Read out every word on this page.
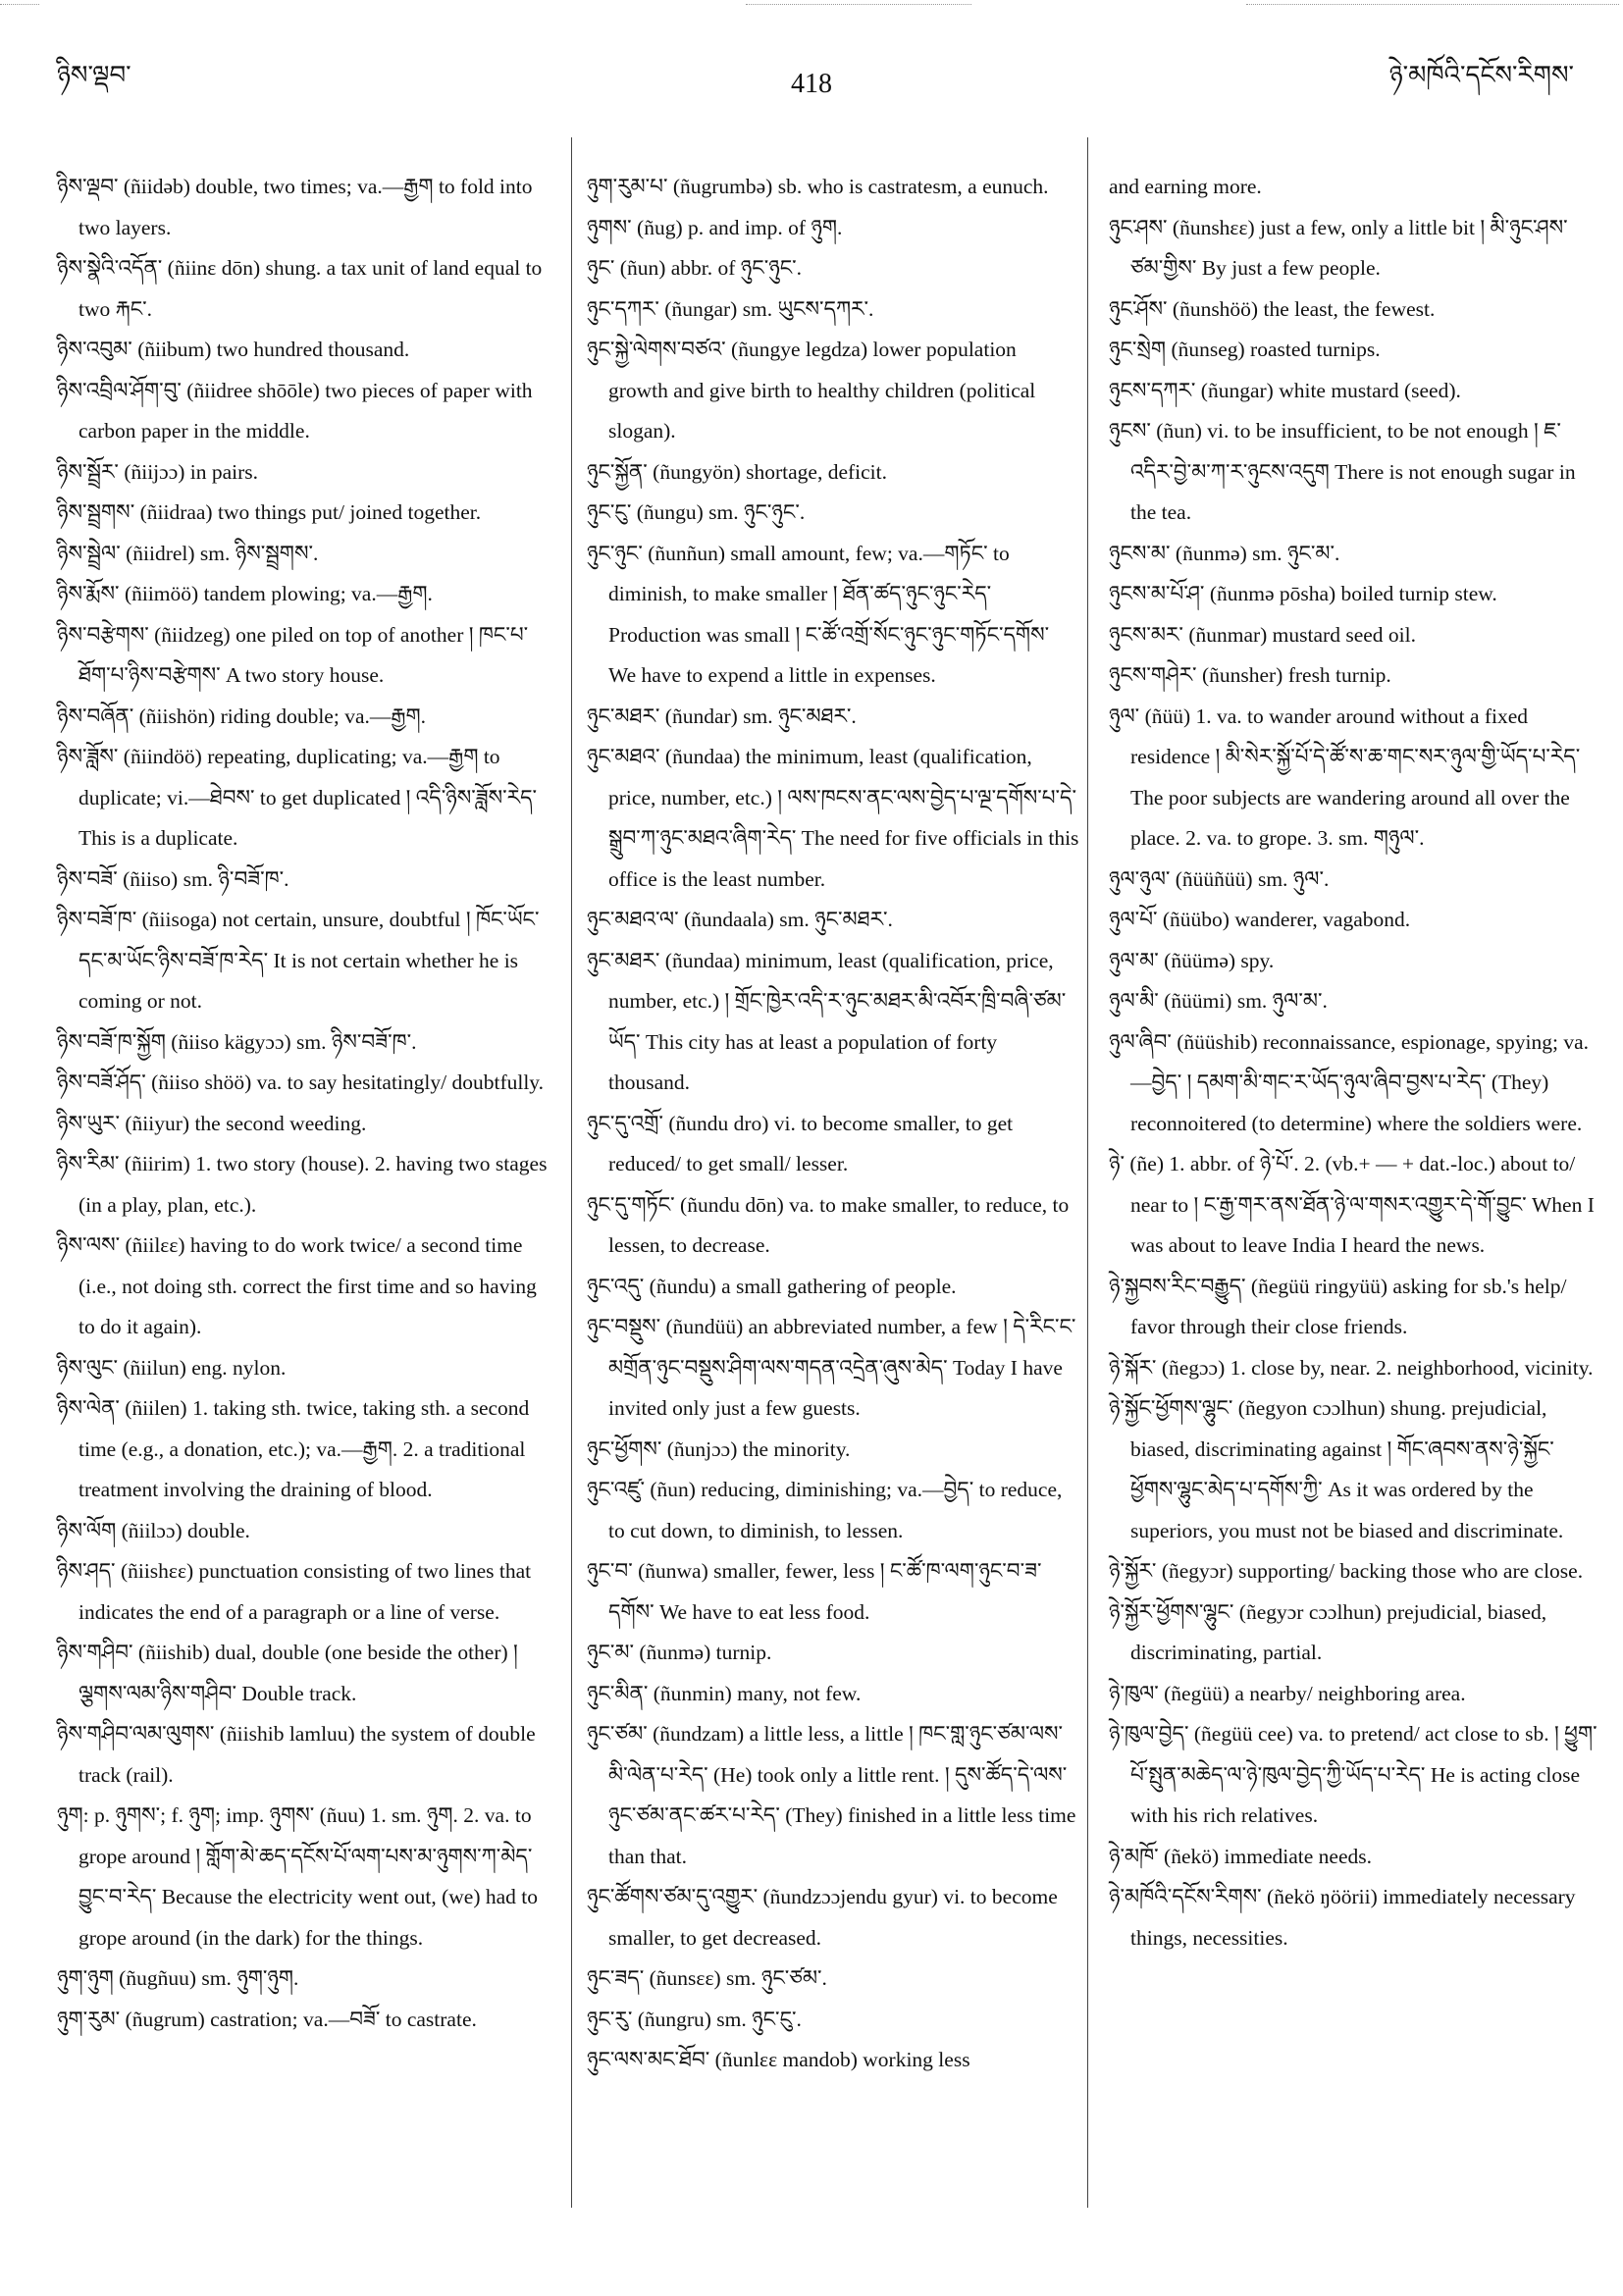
ཉིས་ལྡབ་	418	ཉེ་མཁོའི་དངོས་རིགས་

ཉིས་ལྡབ་ (ñiidəb) double, two times; va.—རྒྱག to fold into two layers.

ཉིས་སྣེའི་འདོན་ (ñiinɛ dōn) shung. a tax unit of land equal to two རྐང་.

ཉིས་འབུམ་ (ñiibum) two hundred thousand.

ཉིས་འབྲིལ་ཤོག་བུ་ (ñiidree shōōle) two pieces of paper with carbon paper in the middle.

ཉིས་སྦྲོར་ (ñiijɔɔ) in pairs.

ཉིས་སྦྲགས་ (ñiidraa) two things put/ joined together.

ཉིས་སྦྲེལ་ (ñiidrel) sm. ཉིས་སྦྲགས་.

ཉིས་རྨོས་ (ñiimöö) tandem plowing; va.—རྒྱག.

ཉིས་བརྩེགས་ (ñiidzeg) one piled on top of another ། ཁང་པ་ཐོག་པ་ཉིས་བརྩེགས་ A two story house.

ཉིས་བཞོན་ (ñiishön) riding double; va.—རྒྱག.

ཉིས་ཟློས་ (ñiindöö) repeating, duplicating; va.—རྒྱག to duplicate; vi.—ཐེབས་ to get duplicated ། འདི་ཉིས་ཟློས་རེད་ This is a duplicate.

ཉིས་བཟོ་ (ñiiso) sm. ཉི་བཟོ་ཁ་.

ཉིས་བཟོ་ཁ་ (ñiisoga) not certain, unsure, doubtful ། ཁོང་ཡོང་དང་མ་ཡོང་ཉིས་བཟོ་ཁ་རེད་ It is not certain whether he is coming or not.

ཉིས་བཟོ་ཁ་སྐྱོག (ñiiso kägyɔɔ) sm. ཉིས་བཟོ་ཁ་.

ཉིས་བཟོ་ཤོད་ (ñiiso shöö) va. to say hesitatingly/ doubtfully.

ཉིས་ཡུར་ (ñiiyur) the second weeding.

ཉིས་རིམ་ (ñiirim) 1. two story (house). 2. having two stages (in a play, plan, etc.).

ཉིས་ལས་ (ñiilɛɛ) having to do work twice/ a second time (i.e., not doing sth. correct the first time and so having to do it again).

ཉིས་ལུང་ (ñiilun) eng. nylon.

ཉིས་ལེན་ (ñiilen) 1. taking sth. twice, taking sth. a second time (e.g., a donation, etc.); va.—རྒྱག. 2. a traditional treatment involving the draining of blood.

ཉིས་ལོག (ñiilɔɔ) double.

ཉིས་ཤད་ (ñiishɛɛ) punctuation consisting of two lines that indicates the end of a paragraph or a line of verse.

ཉིས་གཤིབ་ (ñiishib) dual, double (one beside the other) ། ལྕགས་ལམ་ཉིས་གཤིབ་ Double track.

ཉིས་གཤིབ་ལམ་ལུགས་ (ñiishib lamluu) the system of double track (rail).

ཉུག: p. ཉུགས་; f. ཉུག; imp. ཉུགས་ (ñuu) 1. sm. ཉུག. 2. va. to grope around ། གློག་མེ་ཆད་དངོས་པོ་ལག་པས་མ་ཉུགས་ཀ་མེད་བྱུང་བ་རེད་ Because the electricity went out, (we) had to grope around (in the dark) for the things.

ཉུག་ཉུག (ñugñuu) sm. ཉུག་ཉུག.

ཉུག་རུམ་ (ñugrum) castration; va.—བཟོ་ to castrate.

ཉུག་རུམ་པ་ (ñugrumbə) sb. who is castratesm, a eunuch.

ཉུགས་ (ñug) p. and imp. of ཉུག.

ཉུང་ (ñun) abbr. of ཉུང་ཉུང་.

ཉུང་དཀར་ (ñungar) sm. ཡུངས་དཀར་.

ཉུང་སྐྱེ་ལེགས་བཙའ་ (ñungye legdza) lower population growth and give birth to healthy children (political slogan).

ཉུང་སྐྱོན་ (ñungyön) shortage, deficit.

ཉུང་ངུ་ (ñungu) sm. ཉུང་ཉུང་.

ཉུང་ཉུང་ (ñunñun) small amount, few; va.—གཏོང་ to diminish, to make smaller ། ཐོན་ཚད་ཉུང་ཉུང་རེད་ Production was small ། ང་ཚོ་འགྲོ་སོང་ཉུང་ཉུང་གཏོང་དགོས་ We have to expend a little in expenses.

ཉུང་མཐར་ (ñundar) sm. ཉུང་མཐར་.

ཉུང་མཐའ་ (ñundaa) the minimum, least (qualification, price, number, etc.) ། ལས་ཁངས་ནང་ལས་བྱེད་པ་ལྔ་དགོས་པ་དེ་སྒྲུབ་ཀ་ཉུང་མཐའ་ཞིག་རེད་ The need for five officials in this office is the least number.

ཉུང་མཐའ་ལ་ (ñundaala) sm. ཉུང་མཐར་.

ཉུང་མཐར་ (ñundaa) minimum, least (qualification, price, number, etc.) ། གྲོང་ཁྱེར་འདི་ར་ཉུང་མཐར་མི་འབོར་ཁྲི་བཞི་ཙམ་ཡོད་ This city has at least a population of forty thousand.

ཉུང་དུ་འགྲོ་ (ñundu dro) vi. to become smaller, to get reduced/ to get small/ lesser.

ཉུང་དུ་གཏོང་ (ñundu dōn) va. to make smaller, to reduce, to lessen, to decrease.

ཉུང་འདུ་ (ñundu) a small gathering of people.

ཉུང་བསྡུས་ (ñundüü) an abbreviated number, a few ། དེ་རིང་ང་མགྲོན་ཉུང་བསྡུས་ཤིག་ལས་གདན་འདྲེན་ཞུས་མེད་ Today I have invited only just a few guests.

ཉུང་ཕྱོགས་ (ñunjɔɔ) the minority.

ཉུང་འཛུ་ (ñun) reducing, diminishing; va.—བྱེད་ to reduce, to cut down, to diminish, to lessen.

ཉུང་བ་ (ñunwa) smaller, fewer, less ། ང་ཚོ་ཁ་ལག་ཉུང་བ་ཟ་དགོས་ We have to eat less food.

ཉུང་མ་ (ñunmə) turnip.

ཉུང་མིན་ (ñunmin) many, not few.

ཉུང་ཙམ་ (ñundzam) a little less, a little ། ཁང་གླ་ཉུང་ཙམ་ལས་མི་ལེན་པ་རེད་ (He) took only a little rent. ། དུས་ཚོད་དེ་ལས་ཉུང་ཙམ་ནང་ཚར་པ་རེད་ (They) finished in a little less time than that.

ཉུང་ཚོགས་ཙམ་དུ་འགྱུར་ (ñundzɔɔjendu gyur) vi. to become smaller, to get decreased.

ཉུང་ཟད་ (ñunsɛɛ) sm. ཉུང་ཙམ་.

ཉུང་རུ་ (ñungru) sm. ཉུང་ངུ་.

ཉུང་ལས་མང་ཐོབ་ (ñunlɛɛ mandob) working less

and earning more.

ཉུང་ཤས་ (ñunshɛɛ) just a few, only a little bit ། མི་ཉུང་ཤས་ཙམ་གྱིས་ By just a few people.

ཉུང་ཤོས་ (ñunshöö) the least, the fewest.

ཉུང་སྲེག (ñunseg) roasted turnips.

ཉུངས་དཀར་ (ñungar) white mustard (seed).

ཉུངས་ (ñun) vi. to be insufficient, to be not enough ། ཇ་འདིར་བྱེ་མ་ཀ་ར་ཉུངས་འདུག There is not enough sugar in the tea.

ཉུངས་མ་ (ñunmə) sm. ཉུང་མ་.

ཉུངས་མ་པོ་ཤ་ (ñunmə pōsha) boiled turnip stew.

ཉུངས་མར་ (ñunmar) mustard seed oil.

ཉུངས་གཤེར་ (ñunsher) fresh turnip.

ཉུལ་ (ñüü) 1. va. to wander around without a fixed residence ། མི་སེར་སྐྱོ་པོ་དེ་ཚོ་ས་ཆ་གང་སར་ཉུལ་གྱི་ཡོད་པ་རེད་ The poor subjects are wandering around all over the place. 2. va. to grope. 3. sm. གཉུལ་.

ཉུལ་ཉུལ་ (ñüüñüü) sm. ཉུལ་.

ཉུལ་པོ་ (ñüübo) wanderer, vagabond.

ཉུལ་མ་ (ñüümə) spy.

ཉུལ་མི་ (ñüümi) sm. ཉུལ་མ་.

ཉུལ་ཞིབ་ (ñüüshib) reconnaissance, espionage, spying; va.—བྱེད་ ། དམག་མི་གང་ར་ཡོད་ཉུལ་ཞིབ་བྱས་པ་རེད་ (They) reconnoitered (to determine) where the soldiers were.

ཉེ་ (ñe) 1. abbr. of ཉེ་པོ་. 2. (vb.+ — + dat.-loc.) about to/ near to ། ང་རྒྱ་གར་ནས་ཐོན་ཉེ་ལ་གསར་འགྱུར་དེ་གོ་བྱུང་ When I was about to leave India I heard the news.

ཉེ་སྐྱབས་རིང་བརྒྱུད་ (ñegüü ringyüü) asking for sb.'s help/ favor through their close friends.

ཉེ་སྐོར་ (ñegɔɔ) 1. close by, near. 2. neighborhood, vicinity.

ཉེ་སྐྱོང་ཕྱོགས་ལྷུང་ (ñegyon cɔɔlhun) shung. prejudicial, biased, discriminating against ། གོང་ཞབས་ནས་ཉེ་སྐྱོང་ཕྱོགས་ལྷུང་མེད་པ་དགོས་ཀྱི་ As it was ordered by the superiors, you must not be biased and discriminate.

ཉེ་སྐྱོར་ (ñegyɔr) supporting/ backing those who are close.

ཉེ་སྐྱོར་ཕྱོགས་ལྷུང་ (ñegyɔr cɔɔlhun) prejudicial, biased, discriminating, partial.

ཉེ་ཁུལ་ (ñegüü) a nearby/ neighboring area.

ཉེ་ཁུལ་བྱེད་ (ñegüü cee) va. to pretend/ act close to sb. ། ཕྱུག་པོ་སྤུན་མཆེད་ལ་ཉེ་ཁུལ་བྱེད་ཀྱི་ཡོད་པ་རེད་ He is acting close with his rich relatives.

ཉེ་མཁོ་ (ñekö) immediate needs.

ཉེ་མཁོའི་དངོས་རིགས་ (ñekö ŋöörii) immediately necessary things, necessities.
